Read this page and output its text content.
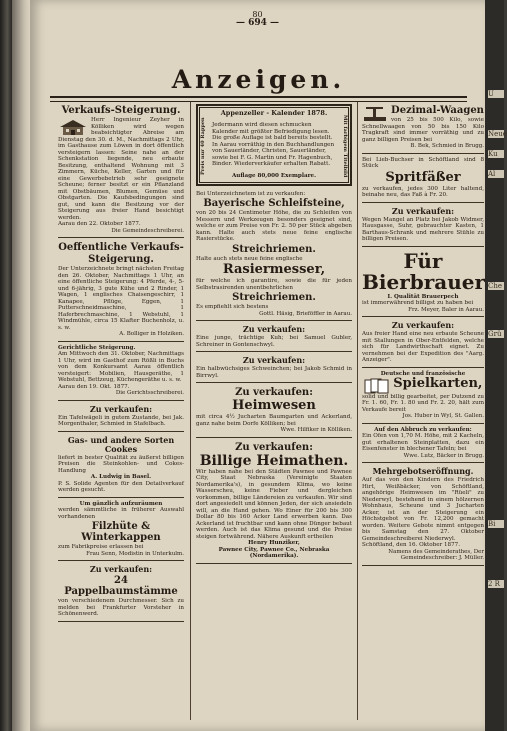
80
— 694 —
Anzeigen.
Verkaufs-Steigerung.

Herr Ingenieur Zeyher in Kölliken wird wegen beabsichtigter Abreise am Dienstag den 30. d. M., Nachmittags 2 Uhr, im Gasthause zum Löwen in dort öffentlich versteigern lassen: Seine nahe an der Schenkstation liegende, neu erbaute Besitzung, enthaltend Wohnung mit 3 Zimmern, Küche, Keller, Garten und für eine Gewerbebetrieb sehr geeignete Scheune; ferner besitzt er ein Pflanzland mit Obstbäumen, Blumen, Gemüse und Obstgarten. Die Kaufsbedingungen sind gut, und kann die Besitzung vor der Steigerung aus freier Hand besichtigt werden.

Aarau den 22. Oktober 1877.

Die Gemeindeschreiberei.
Oeffentliche Verkaufs-
Steigerung.

Der Unterzeichnete bringt nächsten Freitag den 26. Oktober, Nachmittags 1 Uhr, an eine öffentliche Steigerung: 4 Pferde, 4-, 5- und 6-jährig, 3 gute Kühe und 2 Rinder, 1 Wagen, 1 englisches Chaisengeschirr, 1 Kanapee, Pflüge, Eggen, 1 Putterschneidmaschine, 1 Haferbrechmaschine, 1 Webstuhl, 1 Windmühle, circa 15 Klafter Buchenholz, u. s. w.

A. Bolliger in Holziken.
Gerichtliche Steigerung.

Am Mittwoch den 31. Oktober, Nachmittags 1 Uhr, wird im Gasthof zum Rößli in Buchs von dem Konkursamt Aarau öffentlich versteigert: Mobilien, Hausgeräthe, 1 Webstuhl, Bettzeug, Küchengeräthe u. s. w.

Aarau den 19. Okt. 1877.

Die Gerichtsschreiberei.
Zu verkaufen:

Ein Tafelwägeli in gutem Zustande, bei Jak. Morgenthaler, Schmied in Stafelbach.

Gas- und andere Sorten Cookes

liefert in bester Qualität zu äußerst billigen Preisen die Steinkohlen- und Cokes-Handlung

A. Ludwig in Basel.

P. S. Solide Agenten für den Detailverkauf werden gesucht.

Um gänzlich aufzuräumen

werden sämmtliche in früherer Auswahl vorhandenen

Filzhüte & Winterkappen

zum Fabrikpreise erlassen bei

Frau Senn, Modistin in Unterkulm.
Zu verkaufen:
24 Pappelbaumstämme

von verschiedenem Durchmesser. Sich zu melden bei Frankfurter Vorsteher in Schönenwerd.

Appenzeller - Kalender 1878.
Preis nur 40 Rappen	Mit farbigem Titelbild

Jedermann wird diesen schmucken Kalender mit größter Befriedigung lesen. Die große Auflage ist bald bereits bestellt. In Aarau vorräthig in den Buchhandlungen von Sauerländer, Christen, Sauerländer, sowie bei F. G. Martin und Fr. Hagenbuch, Binder. Wiederverkäufer erhalten Rabatt.

Auflage 80,000 Exemplare.

Bei Unterzeichnetem ist zu verkaufen:

Bayerische Schleifsteine,

von 20 bis 24 Centimeter Höhe, die zu Schleifen von Messern und Werkzeugen besonders geeignet sind, welche er zum Preise von Fr. 2. 50 per Stück abgeben kann. Halte auch stets neue feine englische Rasierstücke.

Streichriemen.

Halte auch stets neue feine englische

Rasiermesser,

für welche ich garantire, sowie die für jeden Selbstrasirenden unentbehrlichen

Streichriemen.

Es empfiehlt sich bestens

Gottl. Häsig, Brieföffler in Aarau.
Zu verkaufen:

Eine junge, trächtige Kuh; bei Samuel Gubler, Schreiner in Gontenschwyl.

Zu verkaufen:

Ein halbwüchsiges Schweinchen; bei Jakob Schmid in Birrwyl.

Zu verkaufen:
Heimwesen

mit circa 4½ Jucharten Baumgarten und Ackerland, ganz nahe beim Dorfe Kölliken; bei

Wwe. Hilfiker in Kölliken.
Zu verkaufen:
Billige Heimathen.

Wir haben nahe bei den Städten Pawnee und Pawnee City, Staat Nebraska (Vereinigte Staaten Nordamerika's), in gesundem Klima, wo keine Wasserscheu, keine Fieber und dergleichen vorkommen, billige Ländereien zu verkaufen. Wir sind dort angesiedelt und können Jeden, der sich ansiedeln will, an die Hand gehen. Wo Einer für 200 bis 300 Dollar 80 bis 160 Acker Land erwerben kann. Das Ackerland ist fruchtbar und kann ohne Dünger bebaut werden. Auch ist das Klima gesund und die Preise steigen fortwährend. Nähere Auskunft ertheilen

Henry Hunziker,
Pawnee City, Pawnee Co., Nebraska (Nordamerika).
Dezimal-Waagen

von 25 bis 500 Kilo, sowie Schnellwaagen von 50 bis 150 Kilo Tragkraft sind immer vorräthig und zu ganz billigen Preisen bei

B. Bek, Schmied in Brugg.

Bei Lieb-Buchser in Schöftland sind 8 Stück

Spritfäßer

zu verkaufen, jedes 300 Liter haltend, beinahe neu, das Faß à Fr. 20.

Zu verkaufen:

Wegen Mangel an Platz bei Jakob Widmer, Hausgasse, Suhr, gebrauchter Kasten, 1 Barthaus-Schrank und mehrere Stühle zu billigen Preisen.

Für Bierbrauer
I. Qualität Brauerpech

ist immerwährend billigst zu haben bei

Frz. Meyer, Baler in Aarau.
Zu verkaufen:

Aus freier Hand eine neu erbaute Scheune mit Stallungen in Ober-Entfelden, welche sich für Landwirthschaft eignet. Zu vernehmen bei der Expedition des "Aarg. Anzeiger".

Deutsche und französische
Spielkarten,

solid und billig gearbeitet, per Dutzend zu Fr. 1. 60, Fr. 1. 80 und Fr. 2. 20, hält zum Verkaufe bereit

Jos. Huber in Wyl, St. Gallen.
Auf den Abbruch zu verkaufen:

Ein Ofen von 1,70 M. Höhe, mit 2 Kacheln, gut erhaltenen Steinplatten, dazu ein Eisenfenster in blechener Tafeln; bei

Wwe. Lutz, Bäcker in Brugg.
Mehrgebotseröffnung.

Auf das von den Kindern des Friedrich Hirt, Weißbäcker, von Schöftland, angehörige Heimwesen im "Rüeli" zu Niederwyl, bestehend in einem hölzernen Wohnhaus, Scheune und 3 Jucharten Acker, ist an der Steigerung ein Höchstgebot von Fr. 12,200 gemacht worden. Weitere Gebote nimmt entgegen bis Samstag den 27. Oktober Gemeindeschreiberei Niederwyl.

Schöftland, den 16. Oktober 1877.

Namens des Gemeinderathes, Der Gemeindeschreiber: J. Müller.
U
Neue
Ku
Al
Che
Grü
Bi
2 R
